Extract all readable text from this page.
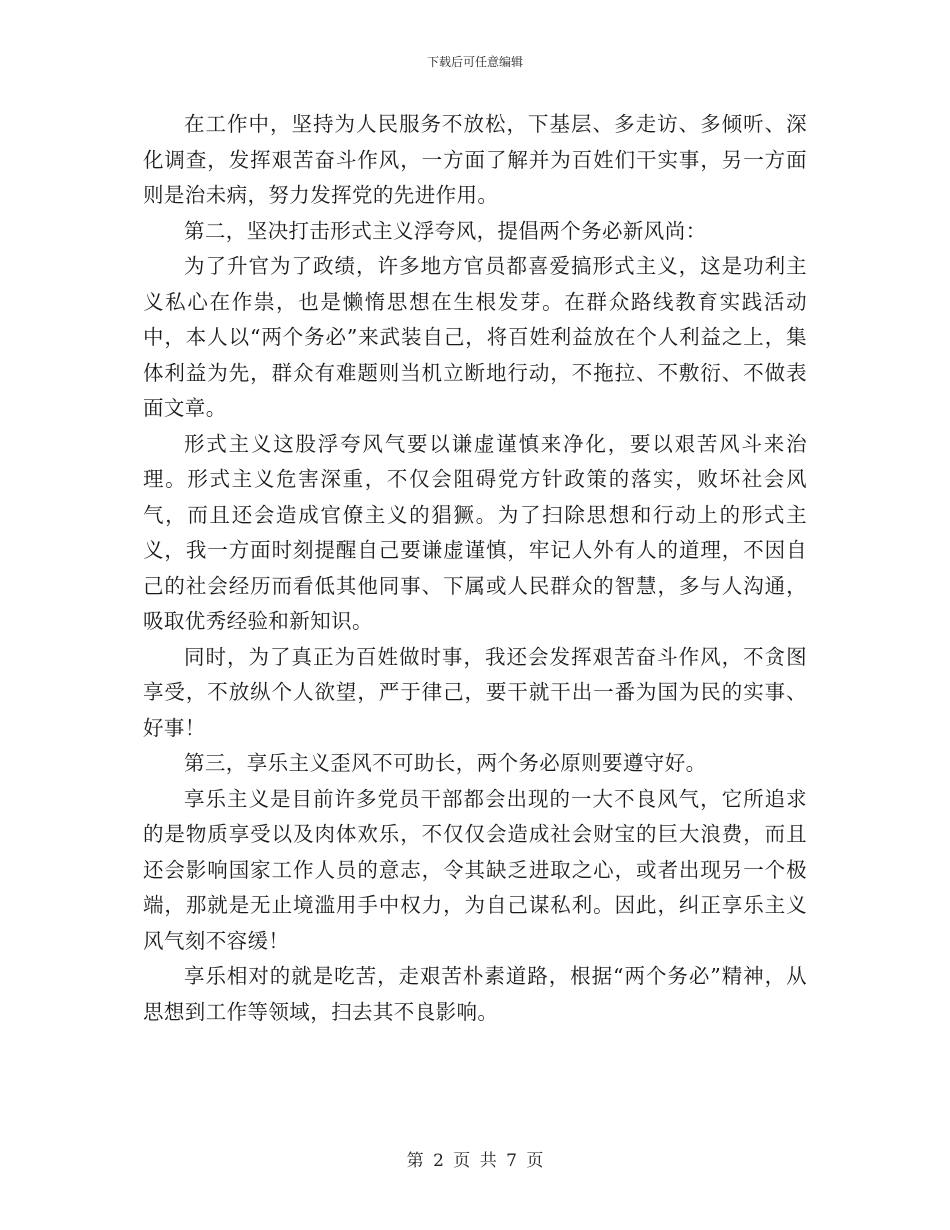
下载后可任意编辑

在工作中，坚持为人民服务不放松，下基层、多走访、多倾听、深化调查，发挥艰苦奋斗作风，一方面了解并为百姓们干实事，另一方面则是治未病，努力发挥党的先进作用。

第二，坚决打击形式主义浮夸风，提倡两个务必新风尚：

为了升官为了政绩，许多地方官员都喜爱搞形式主义，这是功利主义私心在作祟，也是懒惰思想在生根发芽。在群众路线教育实践活动中，本人以“两个务必”来武装自己，将百姓利益放在个人利益之上，集体利益为先，群众有难题则当机立断地行动，不拖拉、不敷衍、不做表面文章。

形式主义这股浮夸风气要以谦虚谨慎来净化，要以艰苦风斗来治理。形式主义危害深重，不仅会阻碍党方针政策的落实，败坏社会风气，而且还会造成官僚主义的猖獗。为了扫除思想和行动上的形式主义，我一方面时刻提醒自己要谦虚谨慎，牢记人外有人的道理，不因自己的社会经历而看低其他同事、下属或人民群众的智慧，多与人沟通，吸取优秀经验和新知识。

同时，为了真正为百姓做时事，我还会发挥艰苦奋斗作风，不贪图享受，不放纵个人欲望，严于律己，要干就干出一番为国为民的实事、好事！

第三，享乐主义歪风不可助长，两个务必原则要遵守好。

享乐主义是目前许多党员干部都会出现的一大不良风气，它所追求的是物质享受以及肉体欢乐，不仅仅会造成社会财宝的巨大浪费，而且还会影响国家工作人员的意志，令其缺乏进取之心，或者出现另一个极端，那就是无止境滥用手中权力，为自己谋私利。因此，纠正享乐主义风气刻不容缓！

享乐相对的就是吃苦，走艰苦朴素道路，根据“两个务必”精神，从思想到工作等领域，扫去其不良影响。

第 2 页 共 7 页
